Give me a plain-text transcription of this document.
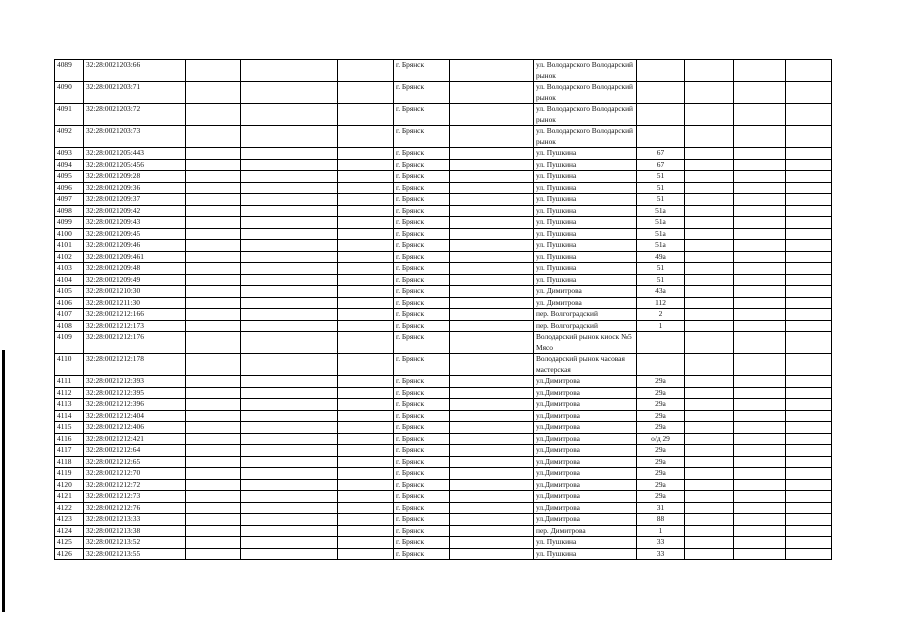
4089	32:28:0021203:66				г. Брянск		ул. Володарского Володарский рынок				
4090	32:28:0021203:71				г. Брянск		ул. Володарского Володарский рынок				
4091	32:28:0021203:72				г. Брянск		ул. Володарского Володарский рынок				
4092	32:28:0021203:73				г. Брянск		ул. Володарского Володарский рынок				
4093	32:28:0021205:443				г. Брянск		ул. Пушкина	67			
4094	32:28:0021205:456				г. Брянск		ул. Пушкина	67			
4095	32:28:0021209:28				г. Брянск		ул. Пушкина	51			
4096	32:28:0021209:36				г. Брянск		ул. Пушкина	51			
4097	32:28:0021209:37				г. Брянск		ул. Пушкина	51			
4098	32:28:0021209:42				г. Брянск		ул. Пушкина	51а			
4099	32:28:0021209:43				г. Брянск		ул. Пушкина	51а			
4100	32:28:0021209:45				г. Брянск		ул. Пушкина	51а			
4101	32:28:0021209:46				г. Брянск		ул. Пушкина	51а			
4102	32:28:0021209:461				г. Брянск		ул. Пушкина	49а			
4103	32:28:0021209:48				г. Брянск		ул. Пушкина	51			
4104	32:28:0021209:49				г. Брянск		ул. Пушкина	51			
4105	32:28:0021210:30				г. Брянск		ул. Димитрова	43а			
4106	32:28:0021211:30				г. Брянск		ул. Димитрова	112			
4107	32:28:0021212:166				г. Брянск		пер. Волгоградский	2			
4108	32:28:0021212:173				г. Брянск		пер. Волгоградский	1			
4109	32:28:0021212:176				г. Брянск		Володарский рынок киоск №5 Мясо				
4110	32:28:0021212:178				г. Брянск		Володарский рынок часовая мастерская				
4111	32:28:0021212:393				г. Брянск		ул.Димитрова	29а			
4112	32:28:0021212:395				г. Брянск		ул.Димитрова	29а			
4113	32:28:0021212:396				г. Брянск		ул.Димитрова	29а			
4114	32:28:0021212:404				г. Брянск		ул.Димитрова	29а			
4115	32:28:0021212:406				г. Брянск		ул.Димитрова	29а			
4116	32:28:0021212:421				г. Брянск		ул.Димитрова	о/д 29			
4117	32:28:0021212:64				г. Брянск		ул.Димитрова	29а			
4118	32:28:0021212:65				г. Брянск		ул.Димитрова	29а			
4119	32:28:0021212:70				г. Брянск		ул.Димитрова	29а			
4120	32:28:0021212:72				г. Брянск		ул.Димитрова	29а			
4121	32:28:0021212:73				г. Брянск		ул.Димитрова	29а			
4122	32:28:0021212:76				г. Брянск		ул.Димитрова	31			
4123	32:28:0021213:33				г. Брянск		ул.Димитрова	88			
4124	32:28:0021213:38				г. Брянск		пер. Димитрова	1			
4125	32:28:0021213:52				г. Брянск		ул. Пушкина	33			
4126	32:28:0021213:55				г. Брянск		ул. Пушкина	33			
